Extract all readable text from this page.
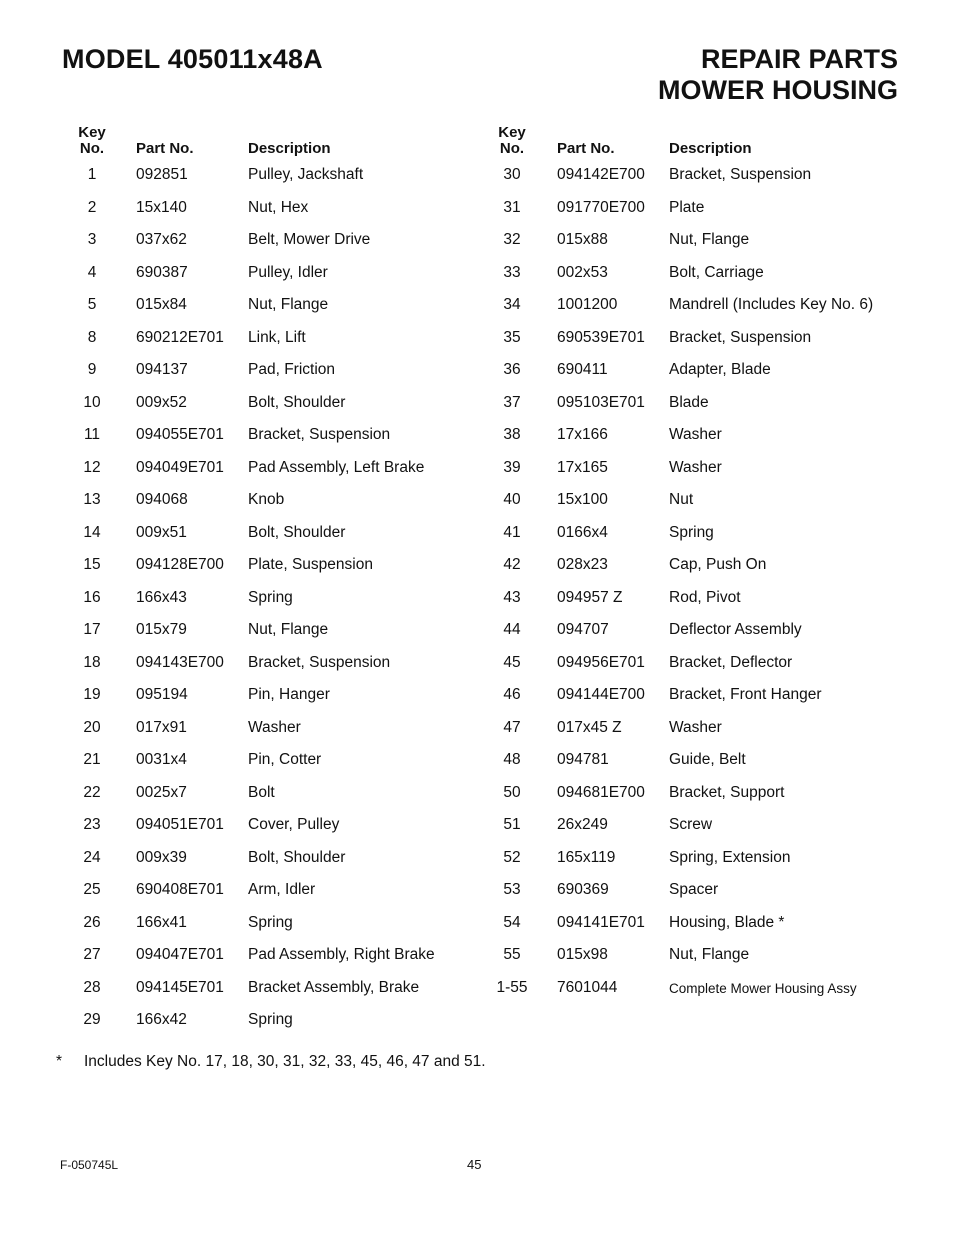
MODEL 405011x48A	REPAIR PARTS
MOWER HOUSING
Key
No.	Part No.	Description
1	092851	Pulley, Jackshaft
2	15x140	Nut, Hex
3	037x62	Belt, Mower Drive
4	690387	Pulley, Idler
5	015x84	Nut, Flange
8	690212E701 Link, Lift
9	094137	Pad, Friction
10	009x52	Bolt, Shoulder
11	094055E701 Bracket, Suspension
12	094049E701 Pad Assembly, Left Brake
13	094068	Knob
14	009x51	Bolt, Shoulder
15	094128E700 Plate, Suspension
16	166x43	Spring
17	015x79	Nut, Flange
18	094143E700 Bracket, Suspension
19	095194	Pin, Hanger
20	017x91	Washer
21	0031x4	Pin, Cotter
22	0025x7	Bolt
23	094051E701 Cover, Pulley
24	009x39	Bolt, Shoulder
25	690408E701 Arm, Idler
26	166x41	Spring
27	094047E701 Pad Assembly, Right Brake
28	094145E701 Bracket Assembly, Brake
29	166x42	Spring
Key
No.	Part No.	Description
30	094142E700 Bracket, Suspension
31	091770E700 Plate
32	015x88	Nut, Flange
33	002x53	Bolt, Carriage
34	1001200	Mandrell (Includes Key No. 6)
35	690539E701 Bracket, Suspension
36	690411	Adapter, Blade
37	095103E701 Blade
38	17x166	Washer
39	17x165	Washer
40	15x100	Nut
41	0166x4	Spring
42	028x23	Cap, Push On
43	094957 Z	Rod, Pivot
44	094707	Deflector Assembly
45	094956E701 Bracket, Deflector
46	094144E700 Bracket, Front Hanger
47	017x45 Z	Washer
48	094781	Guide, Belt
50	094681E700 Bracket, Support
51	26x249	Screw
52	165x119	Spring, Extension
53	690369	Spacer
54	094141E701 Housing, Blade *
55	015x98	Nut, Flange
1-55	7601044	Complete Mower Housing Assy
* Includes Key No. 17, 18, 30, 31, 32, 33, 45, 46, 47 and 51.
F-050745L	45
